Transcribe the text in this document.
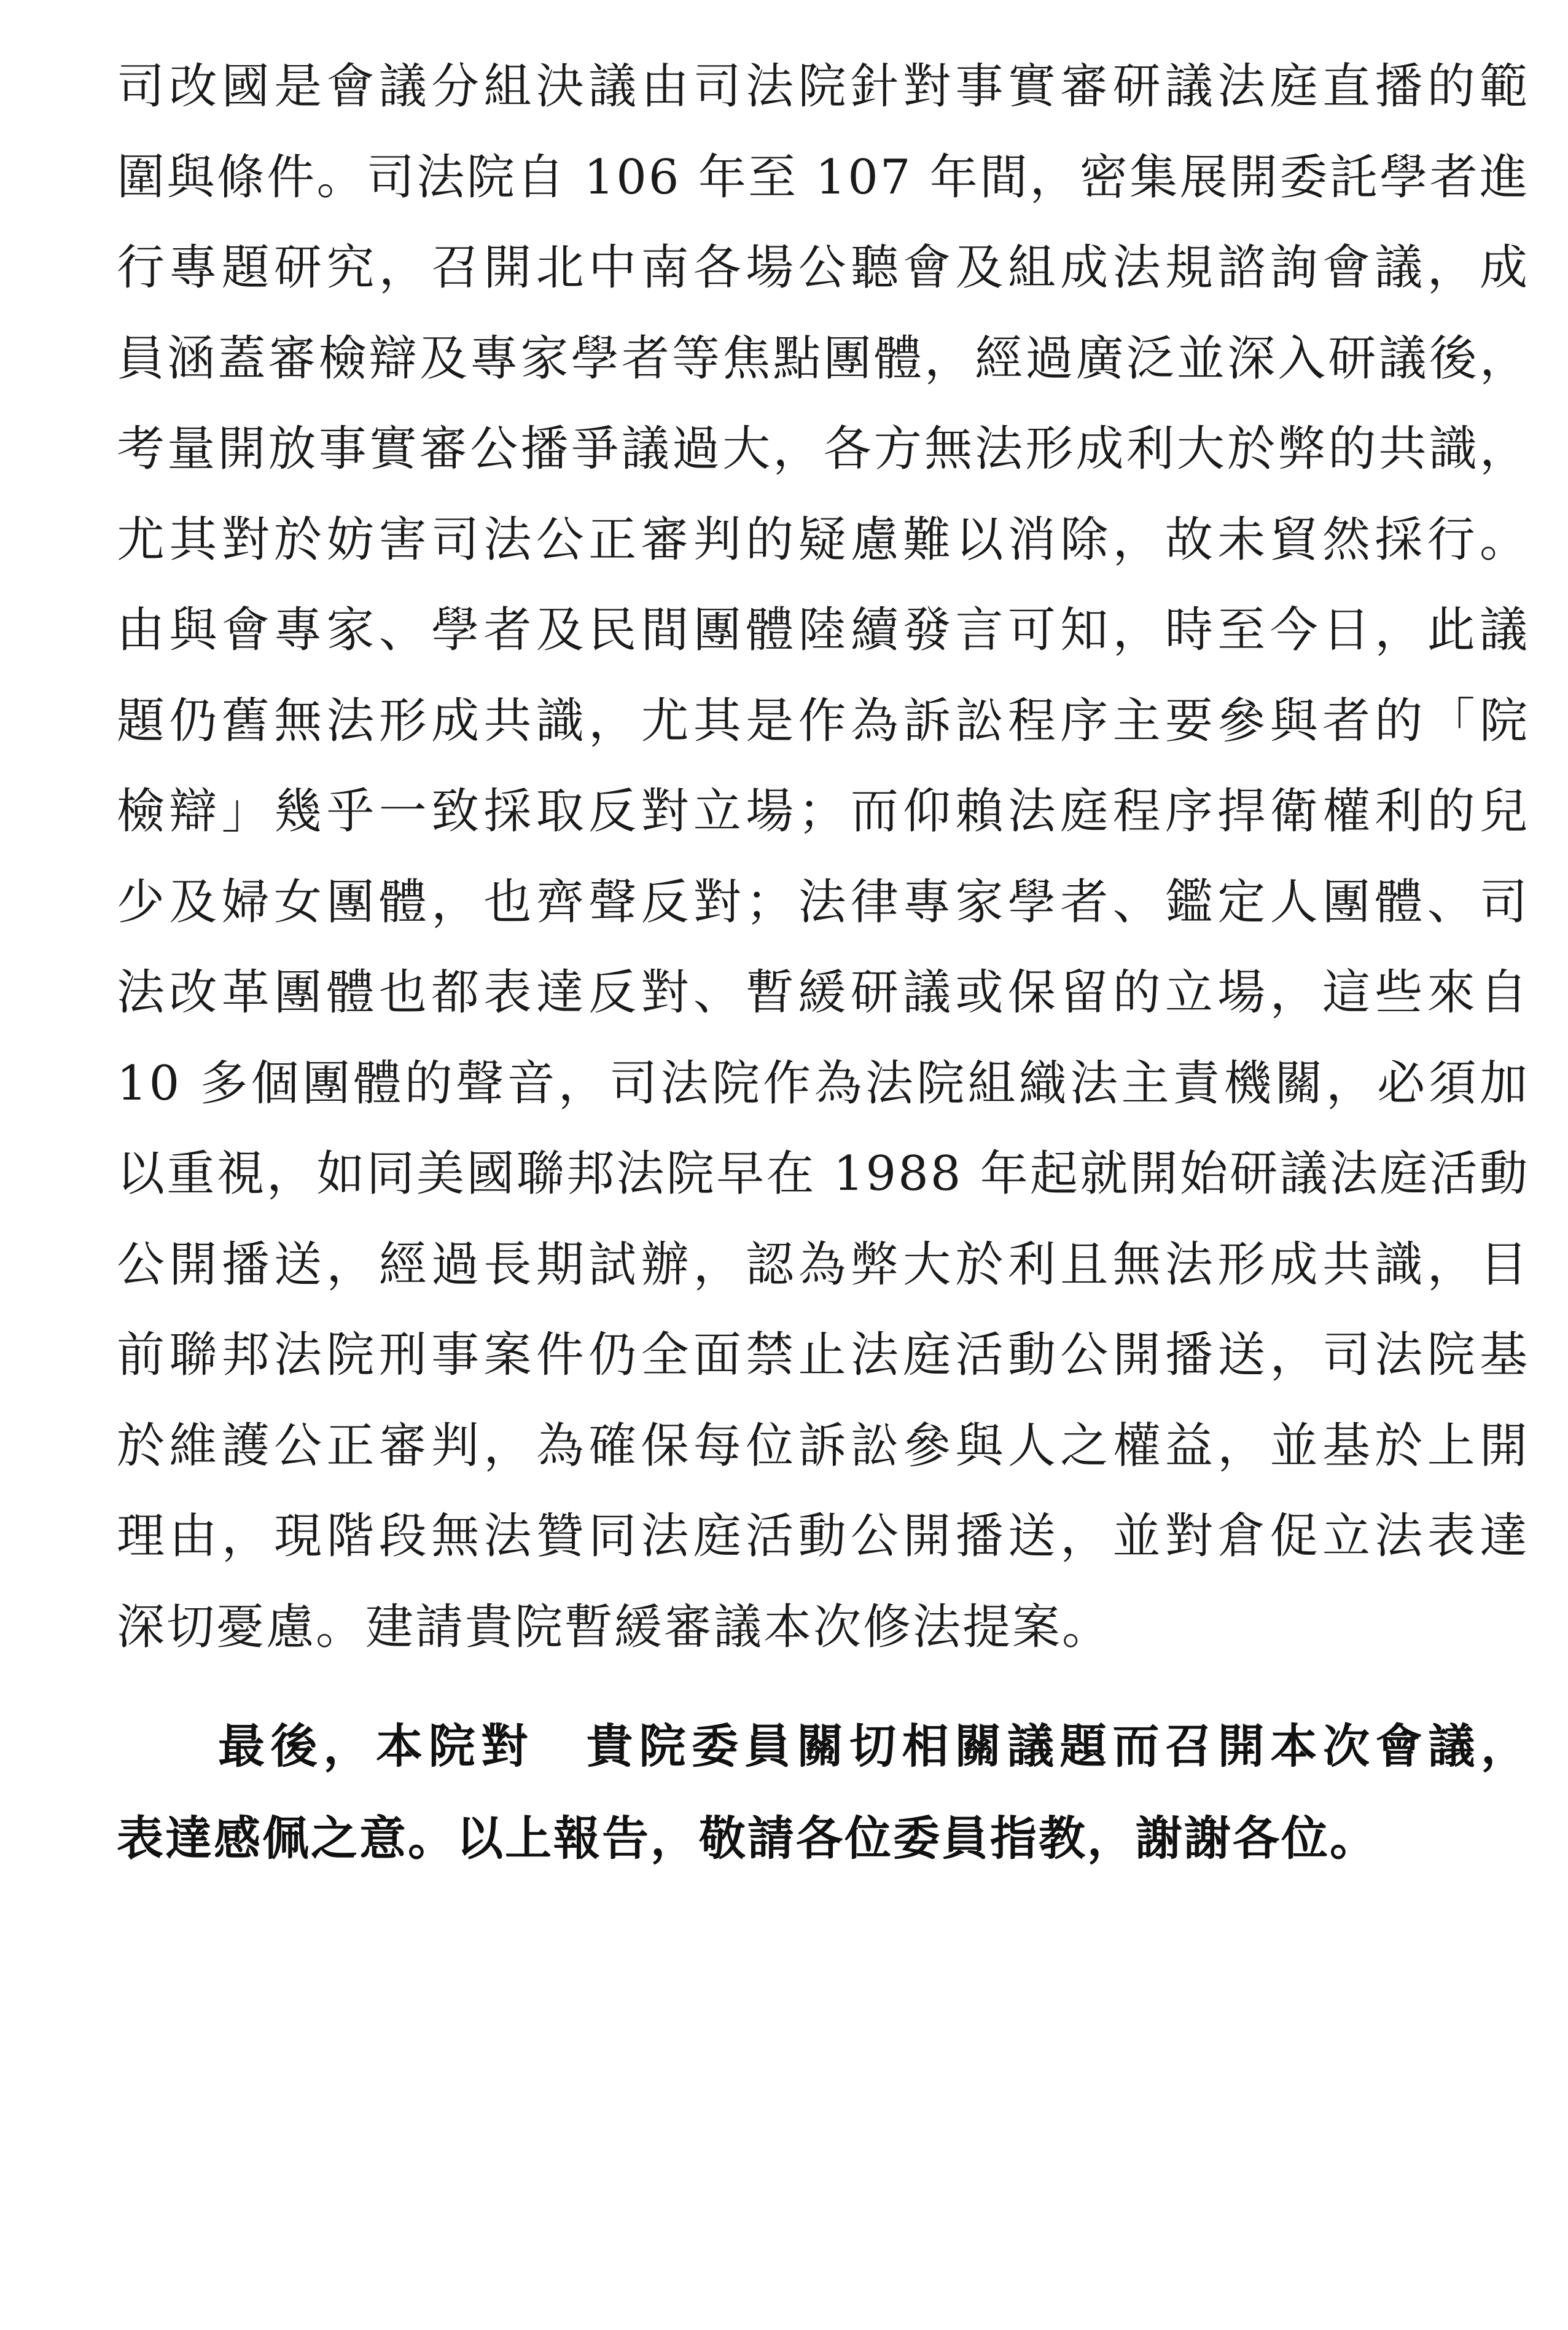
司改國是會議分組決議由司法院針對事實審研議法庭直播的範
圍與條件。司法院自 106 年至 107 年間，密集展開委託學者進
行專題研究，召開北中南各場公聽會及組成法規諮詢會議，成
員涵蓋審檢辯及專家學者等焦點團體，經過廣泛並深入研議後，
考量開放事實審公播爭議過大，各方無法形成利大於弊的共識，
尤其對於妨害司法公正審判的疑慮難以消除，故未貿然採行。
由與會專家、學者及民間團體陸續發言可知，時至今日，此議
題仍舊無法形成共識，尤其是作為訴訟程序主要參與者的「院
檢辯」幾乎一致採取反對立場；而仰賴法庭程序捍衛權利的兒
少及婦女團體，也齊聲反對；法律專家學者、鑑定人團體、司
法改革團體也都表達反對、暫緩研議或保留的立場，這些來自
10 多個團體的聲音，司法院作為法院組織法主責機關，必須加
以重視，如同美國聯邦法院早在 1988 年起就開始研議法庭活動
公開播送，經過長期試辦，認為弊大於利且無法形成共識，目
前聯邦法院刑事案件仍全面禁止法庭活動公開播送，司法院基
於維護公正審判，為確保每位訴訟參與人之權益，並基於上開
理由，現階段無法贊同法庭活動公開播送，並對倉促立法表達
深切憂慮。建請貴院暫緩審議本次修法提案。
最後，本院對　貴院委員關切相關議題而召開本次會議，
表達感佩之意。以上報告，敬請各位委員指教，謝謝各位。
